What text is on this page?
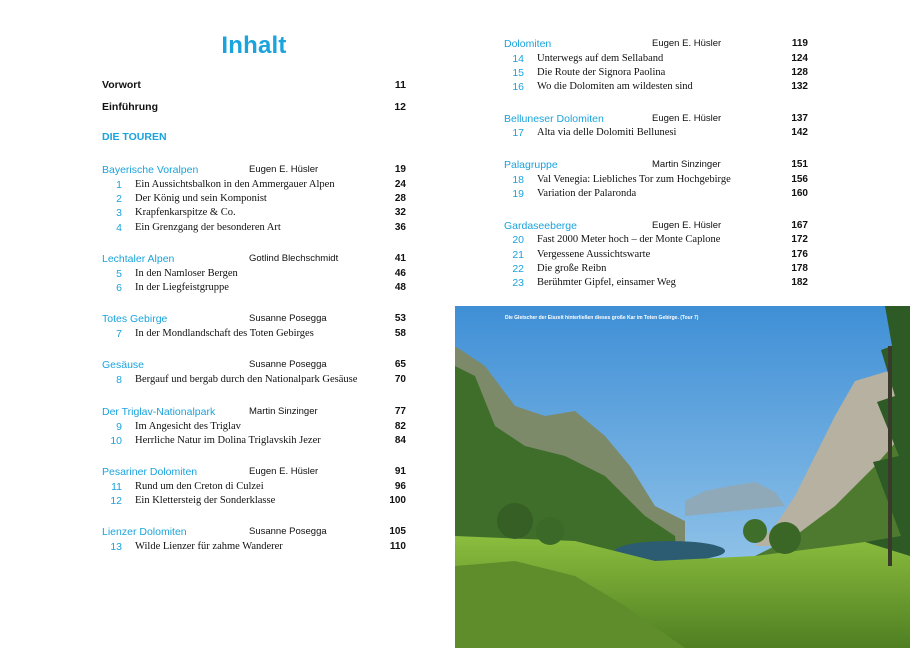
Inhalt
Vorwort	11
Einführung	12
DIE TOUREN
Bayerische Voralpen	Eugen E. Hüsler	19
1 Ein Aussichtsbalkon in den Ammergauer Alpen	24
2 Der König und sein Komponist	28
3 Krapfenkarspitze & Co.	32
4 Ein Grenzgang der besonderen Art	36
Lechtaler Alpen	Gotlind Blechschmidt	41
5 In den Namloser Bergen	46
6 In der Liegfeistgruppe	48
Totes Gebirge	Susanne Posegga	53
7 In der Mondlandschaft des Toten Gebirges	58
Gesäuse	Susanne Posegga	65
8 Bergauf und bergab durch den Nationalpark Gesäuse	70
Der Triglav-Nationalpark	Martin Sinzinger	77
9 Im Angesicht des Triglav	82
10 Herrliche Natur im Dolina Triglavskih Jezer	84
Pesariner Dolomiten	Eugen E. Hüsler	91
11 Rund um den Creton di Culzei	96
12 Ein Klettersteig der Sonderklasse	100
Lienzer Dolomiten	Susanne Posegga	105
13 Wilde Lienzer für zahme Wanderer	110
Dolomiten	Eugen E. Hüsler	119
14 Unterwegs auf dem Sellaband	124
15 Die Route der Signora Paolina	128
16 Wo die Dolomiten am wildesten sind	132
Belluneser Dolomiten	Eugen E. Hüsler	137
17 Alta via delle Dolomiti Bellunesi	142
Palagruppe	Martin Sinzinger	151
18 Val Venegia: Liebliches Tor zum Hochgebirge	156
19 Variation der Palaronda	160
Gardaseeberge	Eugen E. Hüsler	167
20 Fast 2000 Meter hoch – der Monte Caplone	172
21 Vergessene Aussichtswarte	176
22 Die große Reibn	178
23 Berühmter Gipfel, einsamer Weg	182
Die Gletscher der Eiszeit hinterließen dieses große Kar im Toten Gebirge. (Tour 7)
